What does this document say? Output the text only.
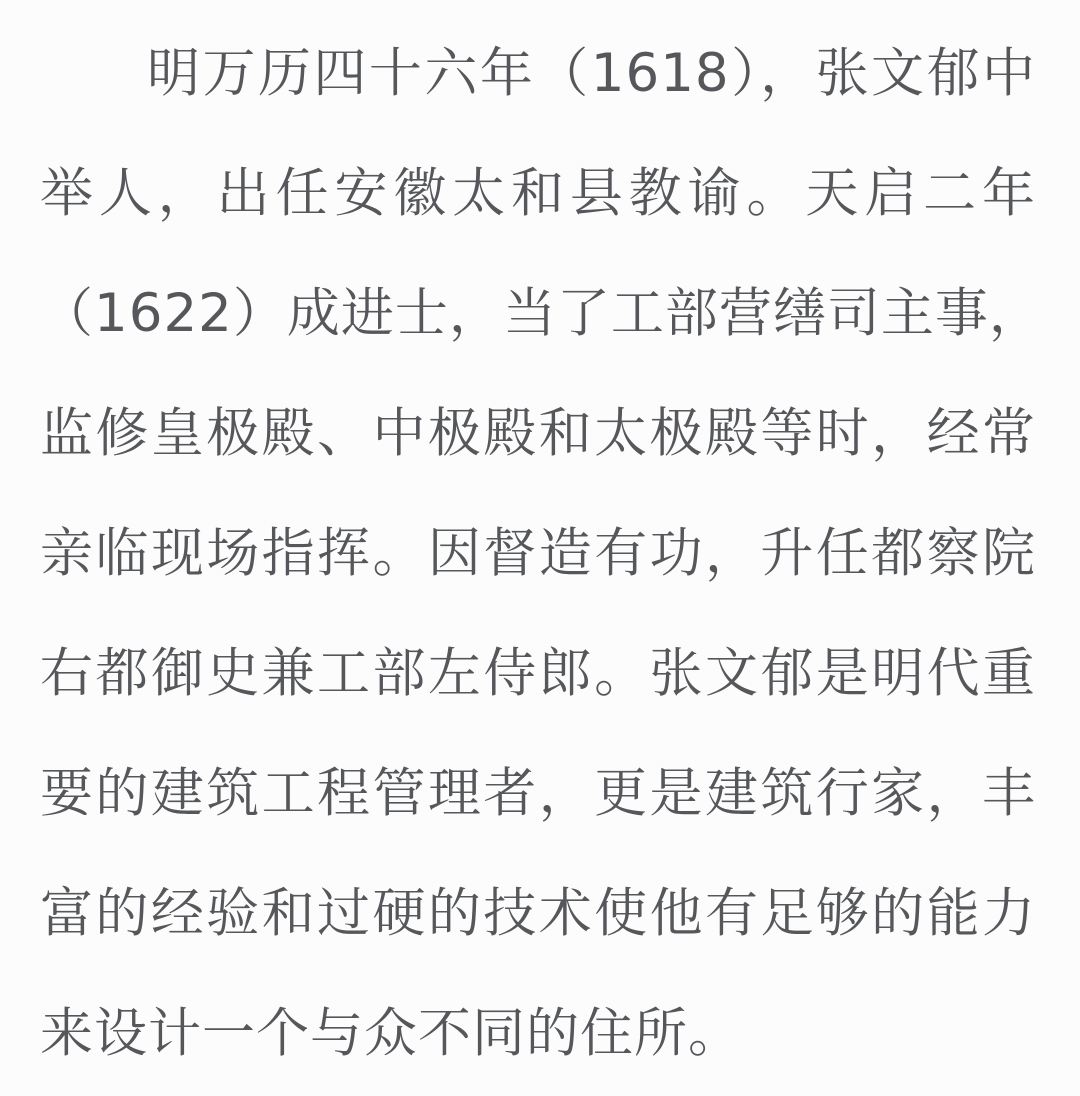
明万历四十六年（1618），张文郁中
举人，出任安徽太和县教谕。天启二年
（1622）成进士，当了工部营缮司主事，
监修皇极殿、中极殿和太极殿等时，经常
亲临现场指挥。因督造有功，升任都察院
右都御史兼工部左侍郎。张文郁是明代重
要的建筑工程管理者，更是建筑行家，丰
富的经验和过硬的技术使他有足够的能力
来设计一个与众不同的住所。
